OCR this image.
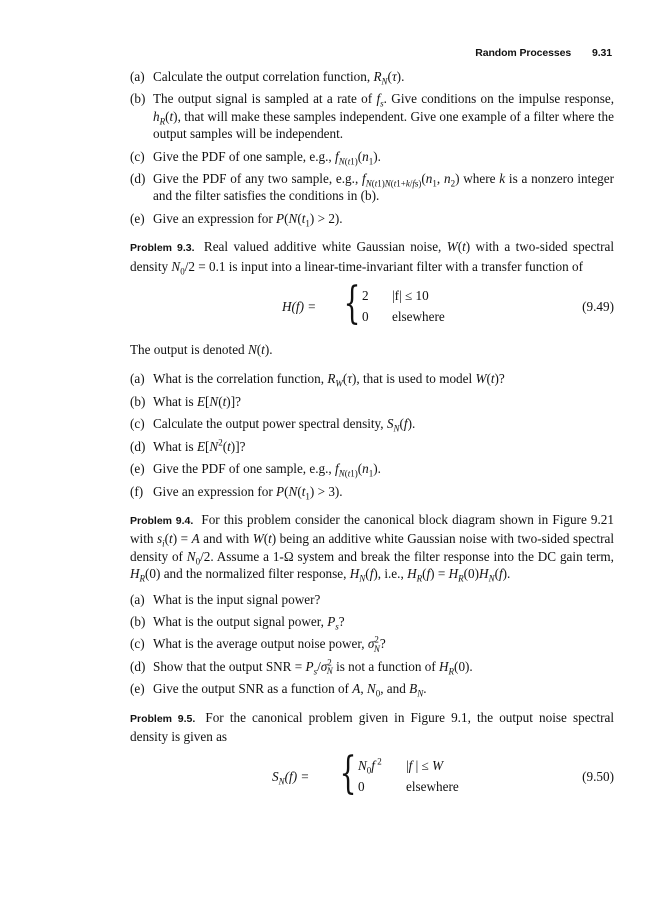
Random Processes 9.31
(a) Calculate the output correlation function, $R_N(\tau)$.
(b) The output signal is sampled at a rate of $f_s$. Give conditions on the impulse response, $h_R(t)$, that will make these samples independent. Give one example of a filter where the output samples will be independent.
(c) Give the PDF of one sample, e.g., $f_{N(t1)}(n_1)$.
(d) Give the PDF of any two sample, e.g., $f_{N(t1)N(t1+k/fs)}(n_1$, $n_2$) where k is a nonzero integer and the filter satisfies the conditions in (b).
(e) Give an expression for $P(N(t_1) > 2)$.
Problem 9.3. Real valued additive white Gaussian noise, W(t) with a two-sided spectral density $N_0/2 = 0.1$ is input into a linear-time-invariant filter with a transfer function of
H(f) = { 2 |f| ≤ 10
0 elsewhere
(9.49)
The output is denoted N(t).
(a) What is the correlation function, $R_W(\tau)$, that is used to model W(t)?
(b) What is E[N(t)]?
(c) Calculate the output power spectral density, $S_N(f)$.
(d) What is $E[N^2(t)]$?
(e) Give the PDF of one sample, e.g., $f_{N(t1)}(n_1)$.
(f) Give an expression for $P(N(t_1) > 3)$.
Problem 9.4. For this problem consider the canonical block diagram shown in Figure 9.21 with $s_i(t) = A$ and with W(t) being an additive white Gaussian noise with two-sided spectral density of $N_0/2$. Assume a 1-Ω system and break the filter response into the DC gain term, $H_R(0)$ and the normalized filter response, $H_N(f)$, i.e., $H_R(f) = H_R(0)H_N(f)$.
(a) What is the input signal power?
(b) What is the output signal power, $P_s$?
(c) What is the average output noise power, $\sigma^2_N$?
(d) Show that the output SNR = $P_s/\sigma^2_N$ is not a function of $H_R(0)$.
(e) Give the output SNR as a function of A, $N_0$, and $B_N$.
Problem 9.5. For the canonical problem given in Figure 9.1, the output noise spectral density is given as
$S_N(f)$ = { $N_0f$ $^2$ |f | ≤ W
0	elsewhere
(9.50)
